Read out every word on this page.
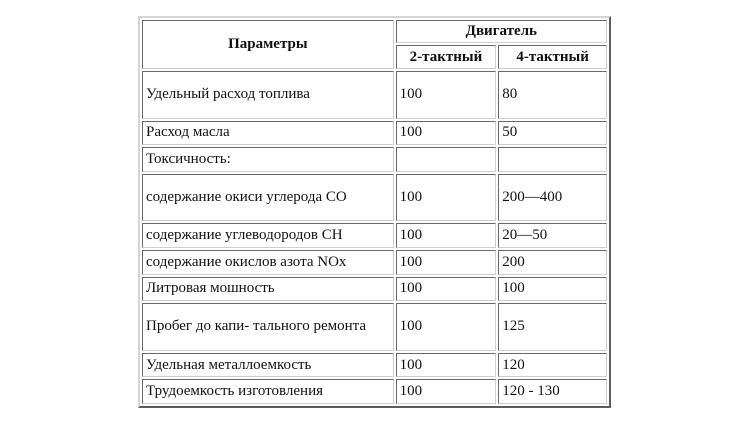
Параметры	Двигатель	
	2-тактный	4-тактный
Удельный расход топлива	100	80
Расход масла	100	50
Токсичность:		
содержание окиси углерода CO	100	200—400
содержание углеводородов CH	100	20—50
содержание окислов азота NOx	100	200
Литровая мошность	100	100
Пробег до капи- тального ремонта	100	125
Удельная металлоемкость	100	120
Трудоемкость изготовления	100	120 - 130
